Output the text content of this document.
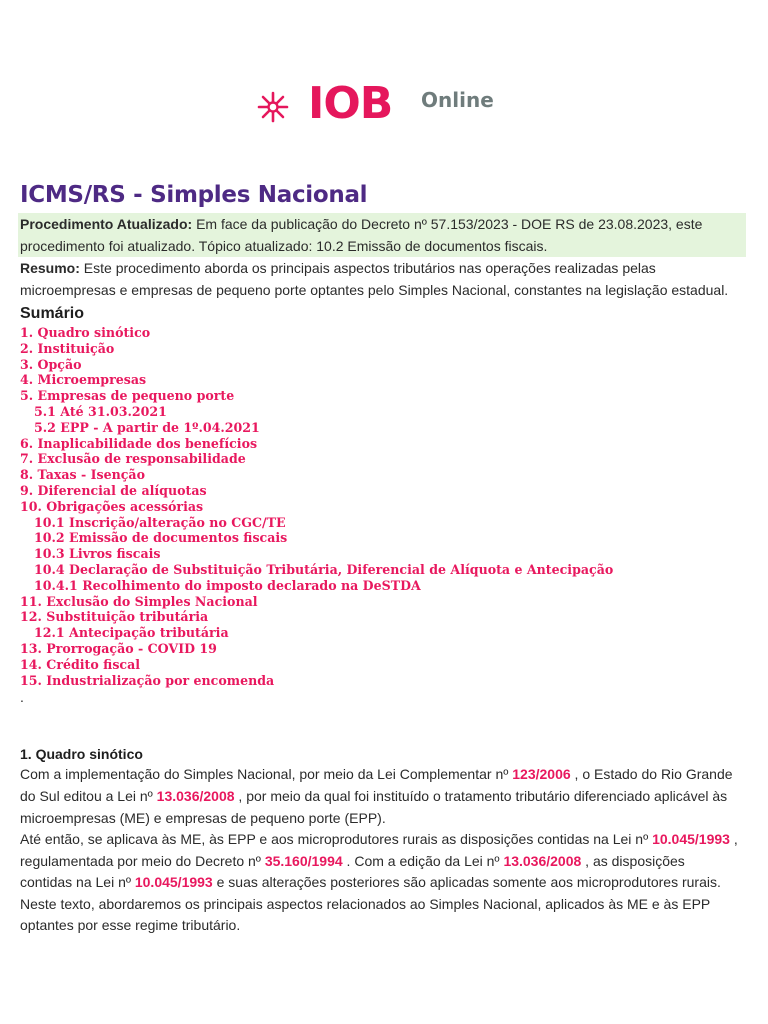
IOB Online
ICMS/RS - Simples Nacional

Procedimento Atualizado: Em face da publicação do Decreto nº 57.153/2023 - DOE RS de 23.08.2023, este procedimento foi atualizado. Tópico atualizado: 10.2 Emissão de documentos fiscais.

Resumo: Este procedimento aborda os principais aspectos tributários nas operações realizadas pelas microempresas e empresas de pequeno porte optantes pelo Simples Nacional, constantes na legislação estadual.

Sumário
1. Quadro sinótico
2. Instituição
3. Opção
4. Microempresas
5. Empresas de pequeno porte
5.1 Até 31.03.2021
5.2 EPP - A partir de 1º.04.2021
6. Inaplicabilidade dos benefícios
7. Exclusão de responsabilidade
8. Taxas - Isenção
9. Diferencial de alíquotas
10. Obrigações acessórias
10.1 Inscrição/alteração no CGC/TE
10.2 Emissão de documentos fiscais
10.3 Livros fiscais
10.4 Declaração de Substituição Tributária, Diferencial de Alíquota e Antecipação
10.4.1 Recolhimento do imposto declarado na DeSTDA
11. Exclusão do Simples Nacional
12. Substituição tributária
12.1 Antecipação tributária
13. Prorrogação - COVID 19
14. Crédito fiscal
15. Industrialização por encomenda

.

1. Quadro sinótico

Com a implementação do Simples Nacional, por meio da Lei Complementar nº 123/2006 , o Estado do Rio Grande do Sul editou a Lei nº 13.036/2008 , por meio da qual foi instituído o tratamento tributário diferenciado aplicável às microempresas (ME) e empresas de pequeno porte (EPP).

Até então, se aplicava às ME, às EPP e aos microprodutores rurais as disposições contidas na Lei nº 10.045/1993 , regulamentada por meio do Decreto nº 35.160/1994 . Com a edição da Lei nº 13.036/2008 , as disposições contidas na Lei nº 10.045/1993 e suas alterações posteriores são aplicadas somente aos microprodutores rurais.

Neste texto, abordaremos os principais aspectos relacionados ao Simples Nacional, aplicados às ME e às EPP optantes por esse regime tributário.
